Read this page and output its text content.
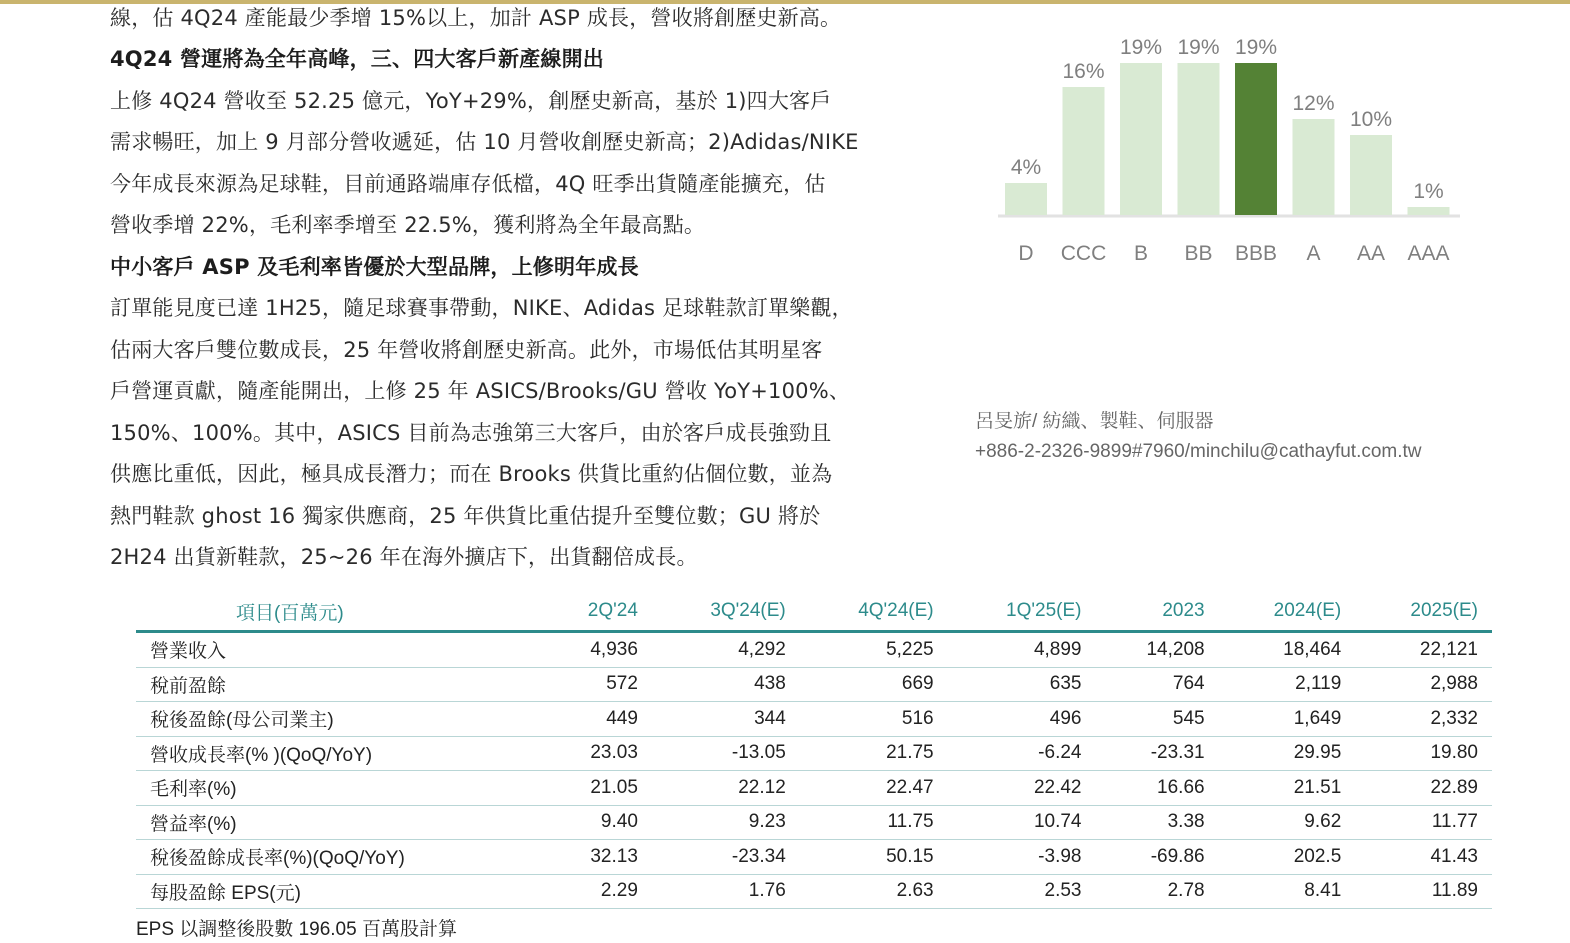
線，估 4Q24 產能最少季增 15%以上，加計 ASP 成長，營收將創歷史新高。
4Q24 營運將為全年高峰，三、四大客戶新產線開出
上修 4Q24 營收至 52.25 億元，YoY+29%，創歷史新高，基於 1)四大客戶
需求暢旺，加上 9 月部分營收遞延，估 10 月營收創歷史新高；2)Adidas/NIKE
今年成長來源為足球鞋，目前通路端庫存低檔，4Q 旺季出貨隨產能擴充，估
營收季增 22%，毛利率季增至 22.5%，獲利將為全年最高點。
中小客戶 ASP 及毛利率皆優於大型品牌，上修明年成長
訂單能見度已達 1H25，隨足球賽事帶動，NIKE、Adidas 足球鞋款訂單樂觀，
估兩大客戶雙位數成長，25 年營收將創歷史新高。此外，市場低估其明星客
戶營運貢獻，隨產能開出，上修 25 年 ASICS/Brooks/GU 營收 YoY+100%、
150%、100%。其中，ASICS 目前為志強第三大客戶，由於客戶成長強勁且
供應比重低，因此，極具成長潛力；而在 Brooks 供貨比重約佔個位數，並為
熱門鞋款 ghost 16 獨家供應商，25 年供貨比重估提升至雙位數；GU 將於
2H24 出貨新鞋款，25~26 年在海外擴店下，出貨翻倍成長。
4%
D
16%
CCC
19%
B
19%
BB
19%
BBB
12%
A
10%
AA
1%
AAA
呂旻旂/ 紡織、製鞋、伺服器
+886-2-2326-9899#7960/minchilu@cathayfut.com.tw
項目(百萬元)	2Q'24	3Q'24(E)	4Q'24(E)	1Q'25(E)	2023	2024(E)	2025(E)
營業收入	4,936	4,292	5,225	4,899	14,208	18,464	22,121
稅前盈餘	572	438	669	635	764	2,119	2,988
稅後盈餘(母公司業主)	449	344	516	496	545	1,649	2,332
營收成長率(% )(QoQ/YoY)	23.03	-13.05	21.75	-6.24	-23.31	29.95	19.80
毛利率(%)	21.05	22.12	22.47	22.42	16.66	21.51	22.89
營益率(%)	9.40	9.23	11.75	10.74	3.38	9.62	11.77
稅後盈餘成長率(%)(QoQ/YoY)	32.13	-23.34	50.15	-3.98	-69.86	202.5	41.43
每股盈餘 EPS(元)	2.29	1.76	2.63	2.53	2.78	8.41	11.89
EPS 以調整後股數 196.05 百萬股計算
